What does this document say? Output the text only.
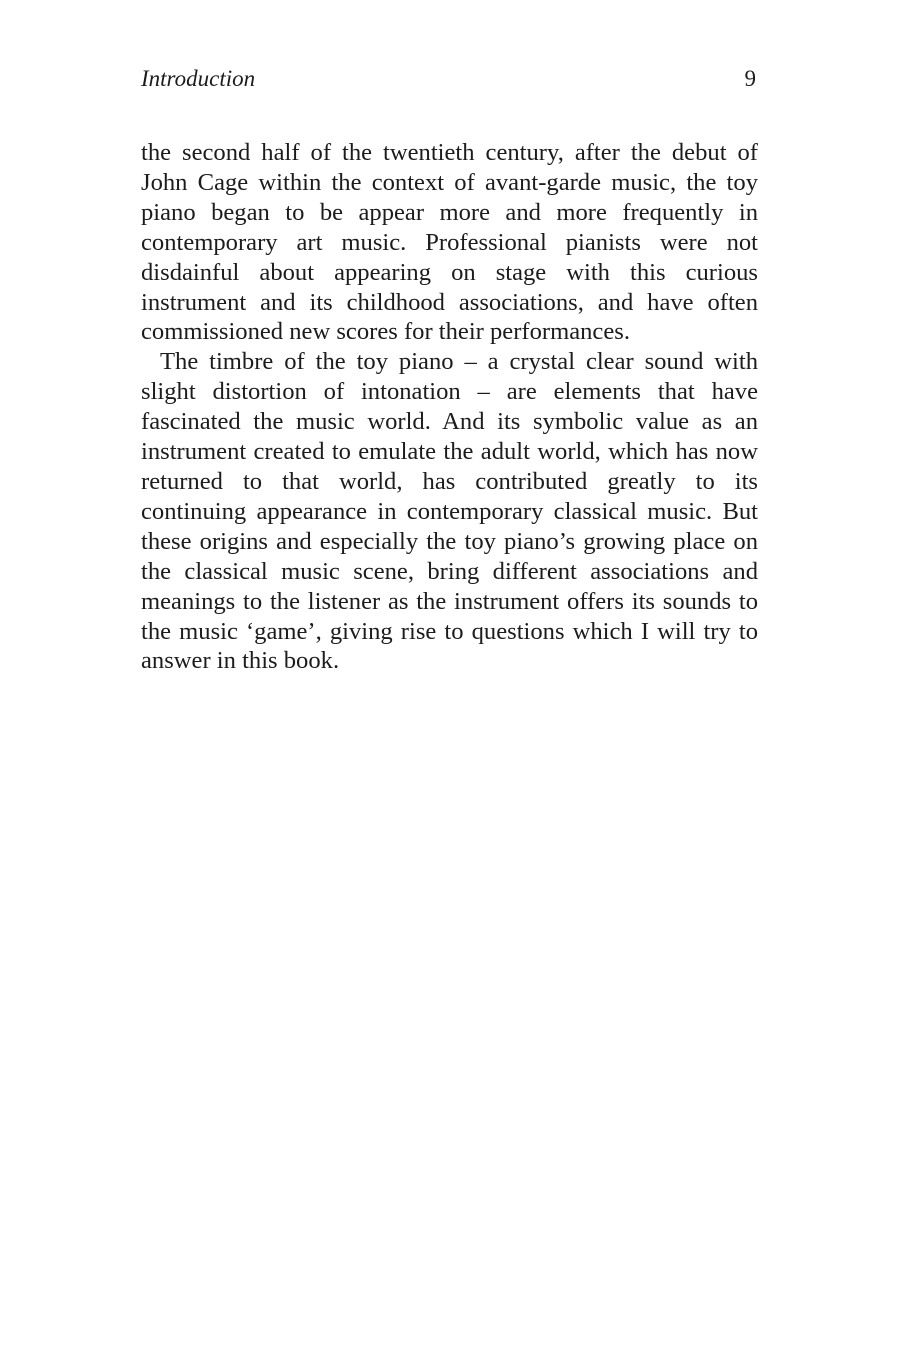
Introduction	9

the second half of the twentieth century, after the debut of John Cage within the context of avant-garde music, the toy piano began to be appear more and more frequently in contemporary art music. Professional pianists were not disdainful about appearing on stage with this curious instrument and its childhood associations, and have often commissioned new scores for their performances.

The timbre of the toy piano – a crystal clear sound with slight distortion of intonation – are elements that have fascinated the music world. And its symbolic value as an instrument created to emulate the adult world, which has now returned to that world, has contributed greatly to its continuing appearance in contemporary classical music. But these origins and especially the toy piano’s growing place on the classical music scene, bring different associations and meanings to the listener as the instrument offers its sounds to the music ‘game’, giving rise to questions which I will try to answer in this book.
